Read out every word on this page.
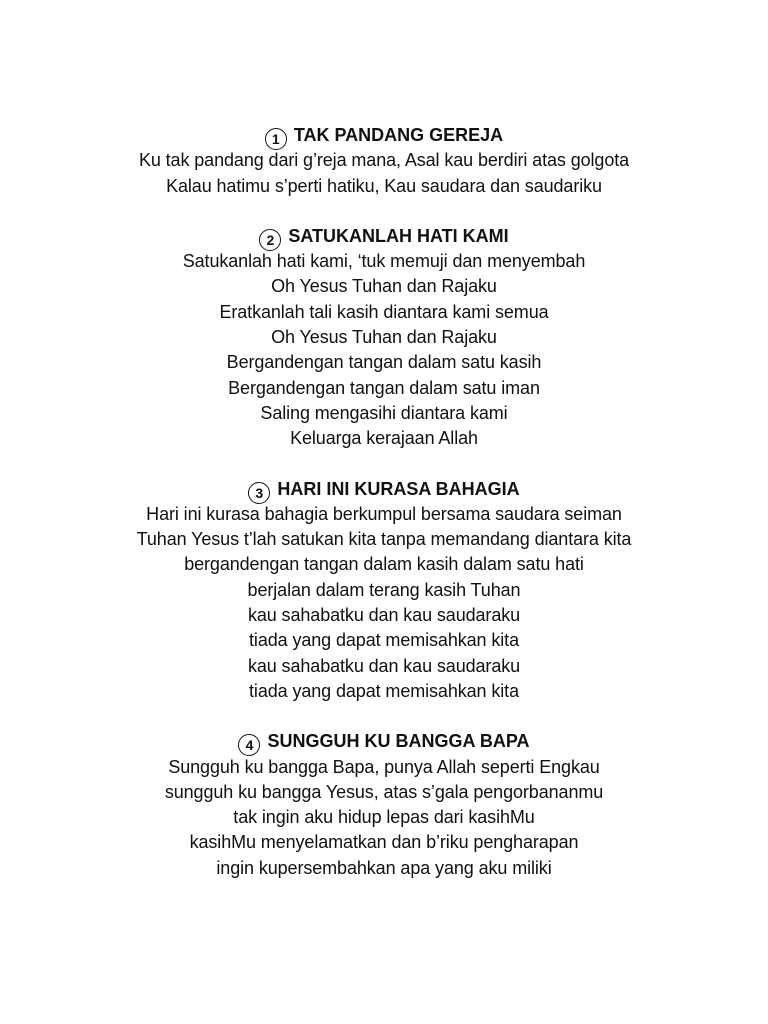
1 TAK PANDANG GEREJA
Ku tak pandang dari g’reja mana, Asal kau berdiri atas golgota
Kalau hatimu s’perti hatiku, Kau saudara dan saudariku
2 SATUKANLAH HATI KAMI
Satukanlah hati kami, ‘tuk memuji dan menyembah
Oh Yesus Tuhan dan Rajaku
Eratkanlah tali kasih diantara kami semua
Oh Yesus Tuhan dan Rajaku
Bergandengan tangan dalam satu kasih
Bergandengan tangan dalam satu iman
Saling mengasihi diantara kami
Keluarga kerajaan Allah
3 HARI INI KURASA BAHAGIA
Hari ini kurasa bahagia berkumpul bersama saudara seiman
Tuhan Yesus t’lah satukan kita tanpa memandang diantara kita
bergandengan tangan dalam kasih dalam satu hati
berjalan dalam terang kasih Tuhan
kau sahabatku dan kau saudaraku
tiada yang dapat memisahkan kita
kau sahabatku dan kau saudaraku
tiada yang dapat memisahkan kita
4 SUNGGUH KU BANGGA BAPA
Sungguh ku bangga Bapa, punya Allah seperti Engkau
sungguh ku bangga Yesus, atas s’gala pengorbananmu
tak ingin aku hidup lepas dari kasihMu
kasihMu menyelamatkan dan b’riku pengharapan
ingin kupersembahkan apa yang aku miliki
